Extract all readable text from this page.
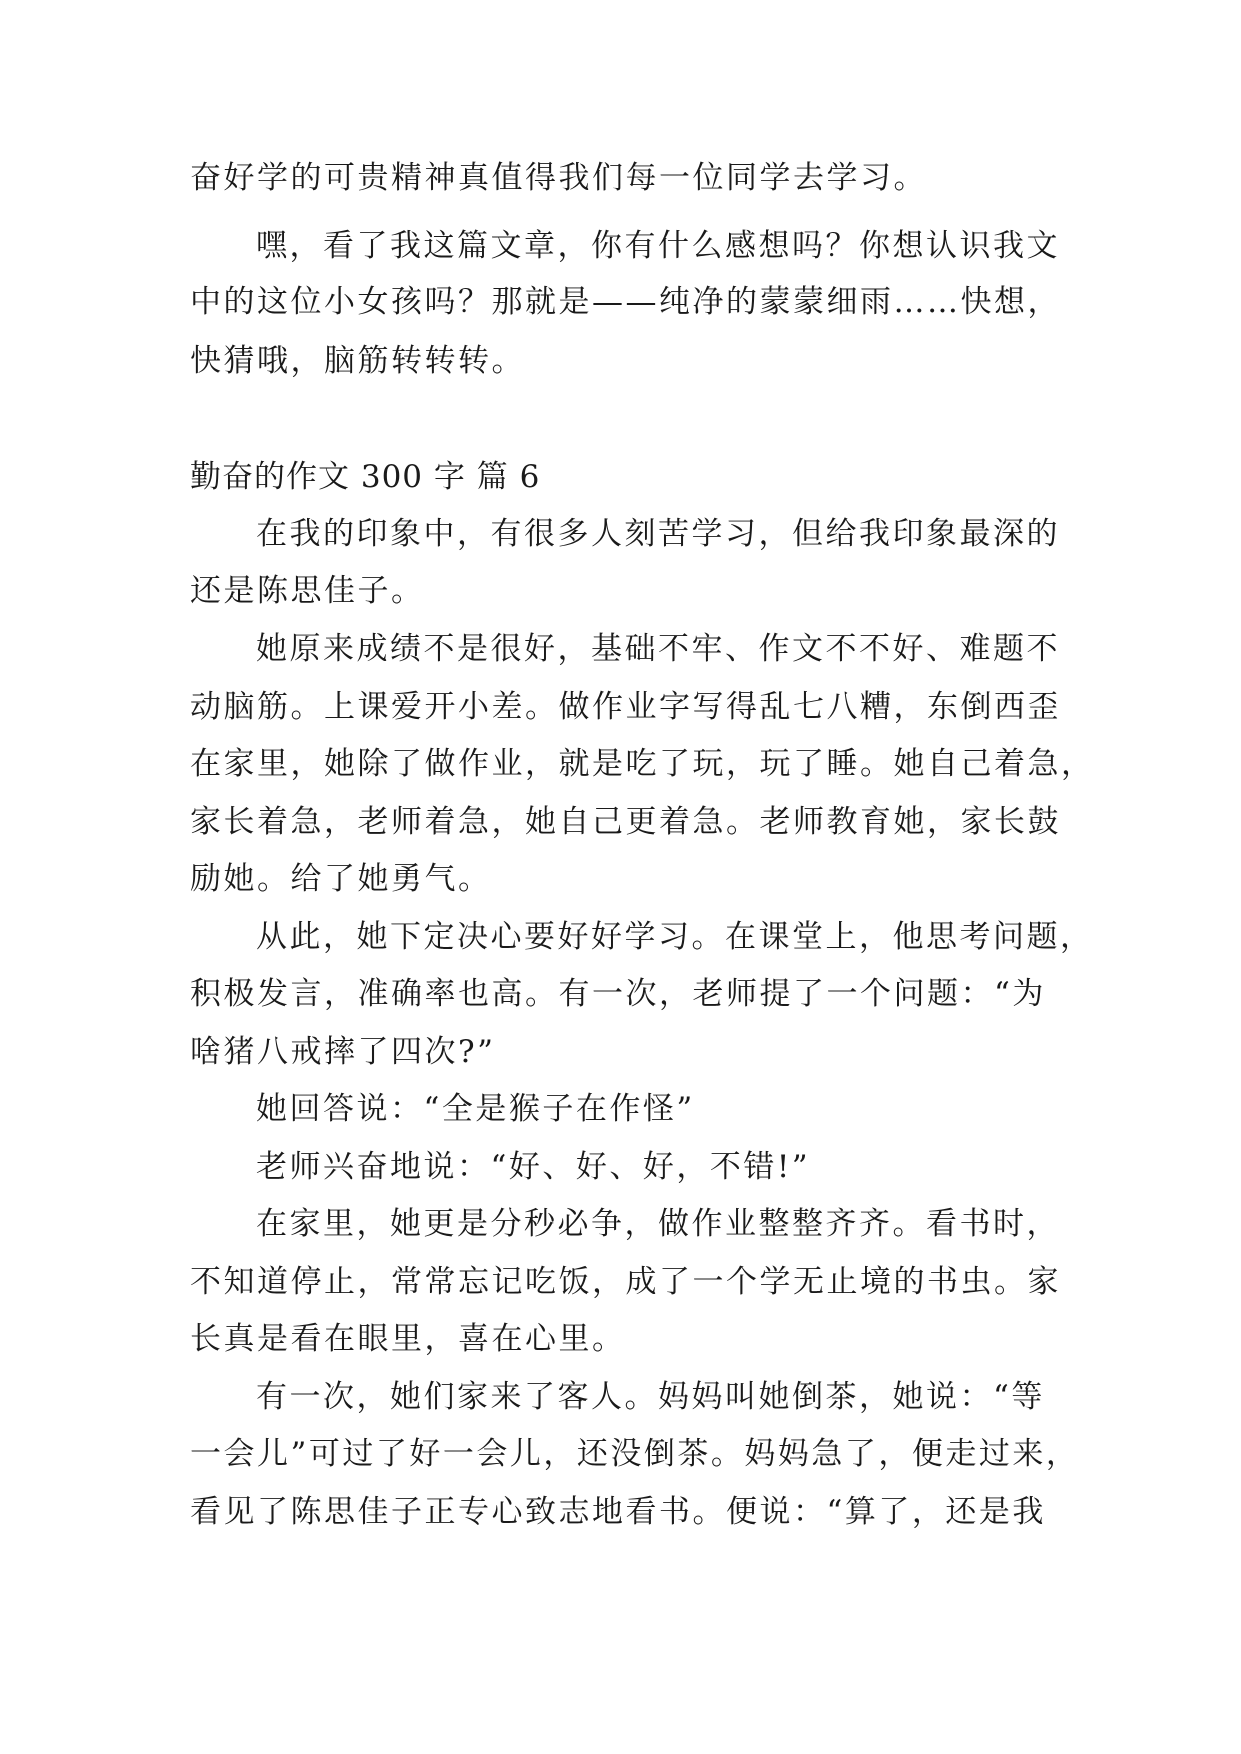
奋好学的可贵精神真值得我们每一位同学去学习。
嘿，看了我这篇文章，你有什么感想吗？你想认识我文
中的这位小女孩吗？那就是——纯净的蒙蒙细雨……快想，
快猜哦，脑筋转转转。
勤奋的作文 300 字 篇 6
在我的印象中，有很多人刻苦学习，但给我印象最深的
还是陈思佳子。
她原来成绩不是很好，基础不牢、作文不不好、难题不
动脑筋。上课爱开小差。做作业字写得乱七八糟，东倒西歪
在家里，她除了做作业，就是吃了玩，玩了睡。她自己着急，
家长着急，老师着急，她自己更着急。老师教育她，家长鼓
励她。给了她勇气。
从此，她下定决心要好好学习。在课堂上，他思考问题，
积极发言，准确率也高。有一次，老师提了一个问题：“为
啥猪八戒摔了四次?”
她回答说：“全是猴子在作怪”
老师兴奋地说：“好、好、好，不错!”
在家里，她更是分秒必争，做作业整整齐齐。看书时，
不知道停止，常常忘记吃饭，成了一个学无止境的书虫。家
长真是看在眼里，喜在心里。
有一次，她们家来了客人。妈妈叫她倒茶，她说：“等
一会儿”可过了好一会儿，还没倒茶。妈妈急了，便走过来，
看见了陈思佳子正专心致志地看书。便说：“算了，还是我
